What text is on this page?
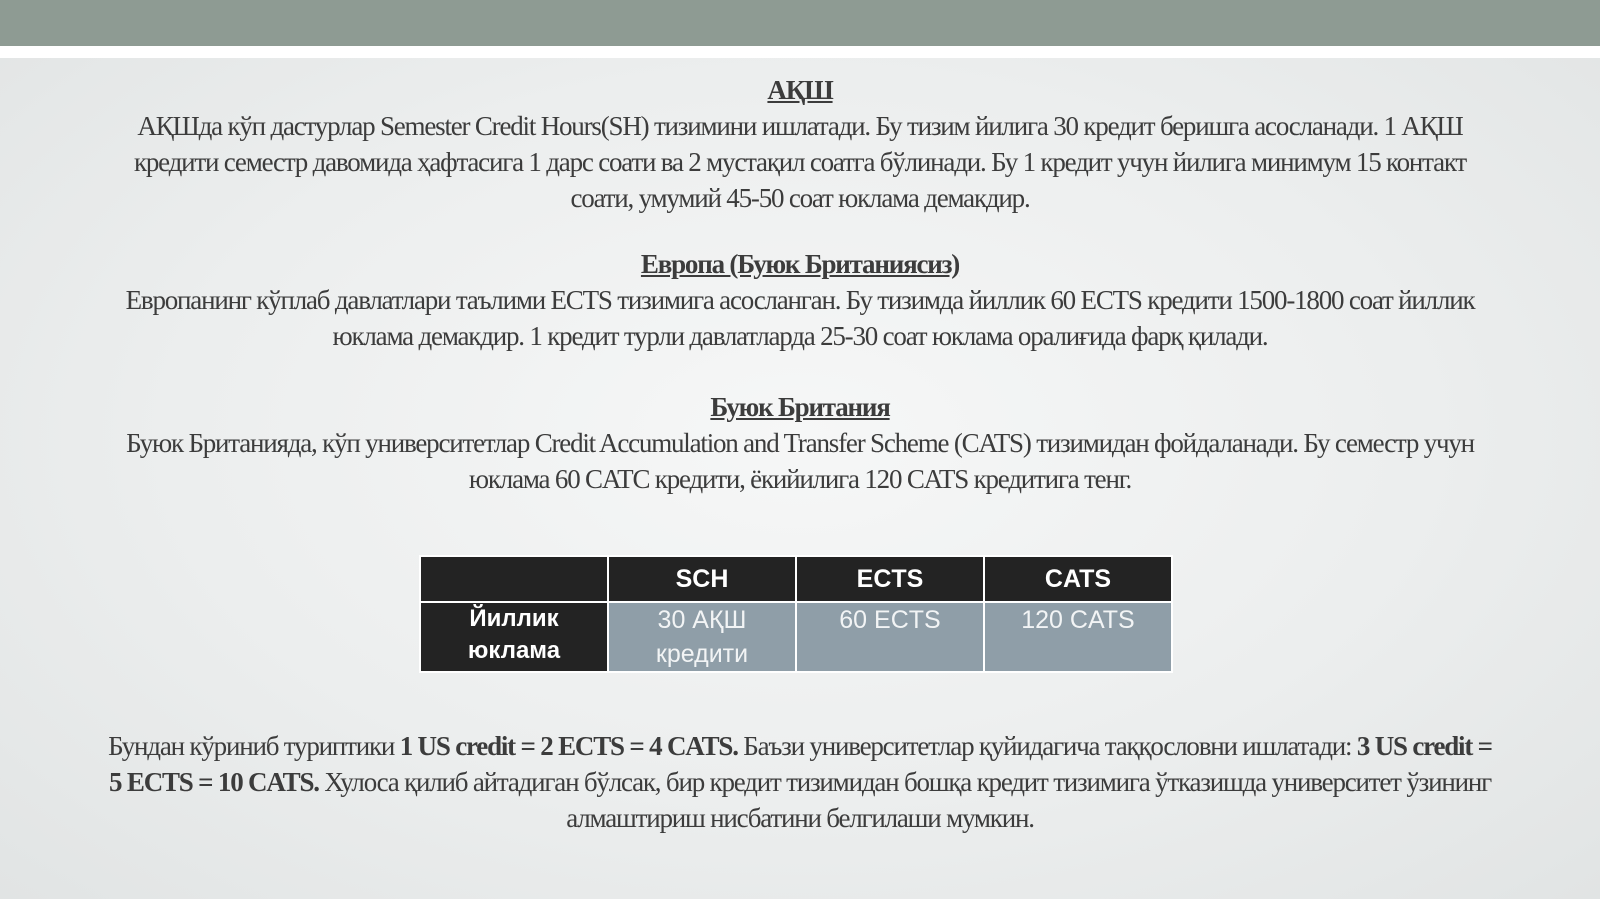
АҚШ
АҚШда кўп дастурлар Semester Credit Hours(SH) тизимини ишлатади. Бу тизим йилига 30 кредит беришга асосланади. 1 АҚШ кредити семестр давомида ҳафтасига 1 дарс соати ва 2 мустақил соатга бўлинади. Бу 1 кредит учун йилига минимум 15 контакт соати, умумий 45-50 соат юклама демакдир.
Европа (Буюк Британиясиз)
Европанинг кўплаб давлатлари таълими ECTS тизимига асосланган. Бу тизимда йиллик 60 ECTS кредити 1500-1800 соат йиллик юклама демакдир. 1 кредит турли давлатларда 25-30 соат юклама оралиғида фарқ қилади.
Буюк Британия
Буюк Британияда, кўп университетлар Credit Accumulation and Transfer Scheme (CATS) тизимидан фойдаланади. Бу семестр учун юклама 60 CATC кредити, ёкийилига 120 CATS кредитига тенг.
	SCH	ECTS	CATS
Йиллик юклама	30 АҚШ кредити	60 ECTS	120 CATS
Бундан кўриниб туриптики 1 US credit = 2 ECTS = 4 CATS. Баъзи университетлар қуйидагича таққословни ишлатади: 3 US credit = 5 ECTS = 10 CATS. Хулоса қилиб айтадиган бўлсак, бир кредит тизимидан бошқа кредит тизимига ўтказишда университет ўзининг алмаштириш нисбатини белгилаши мумкин.
